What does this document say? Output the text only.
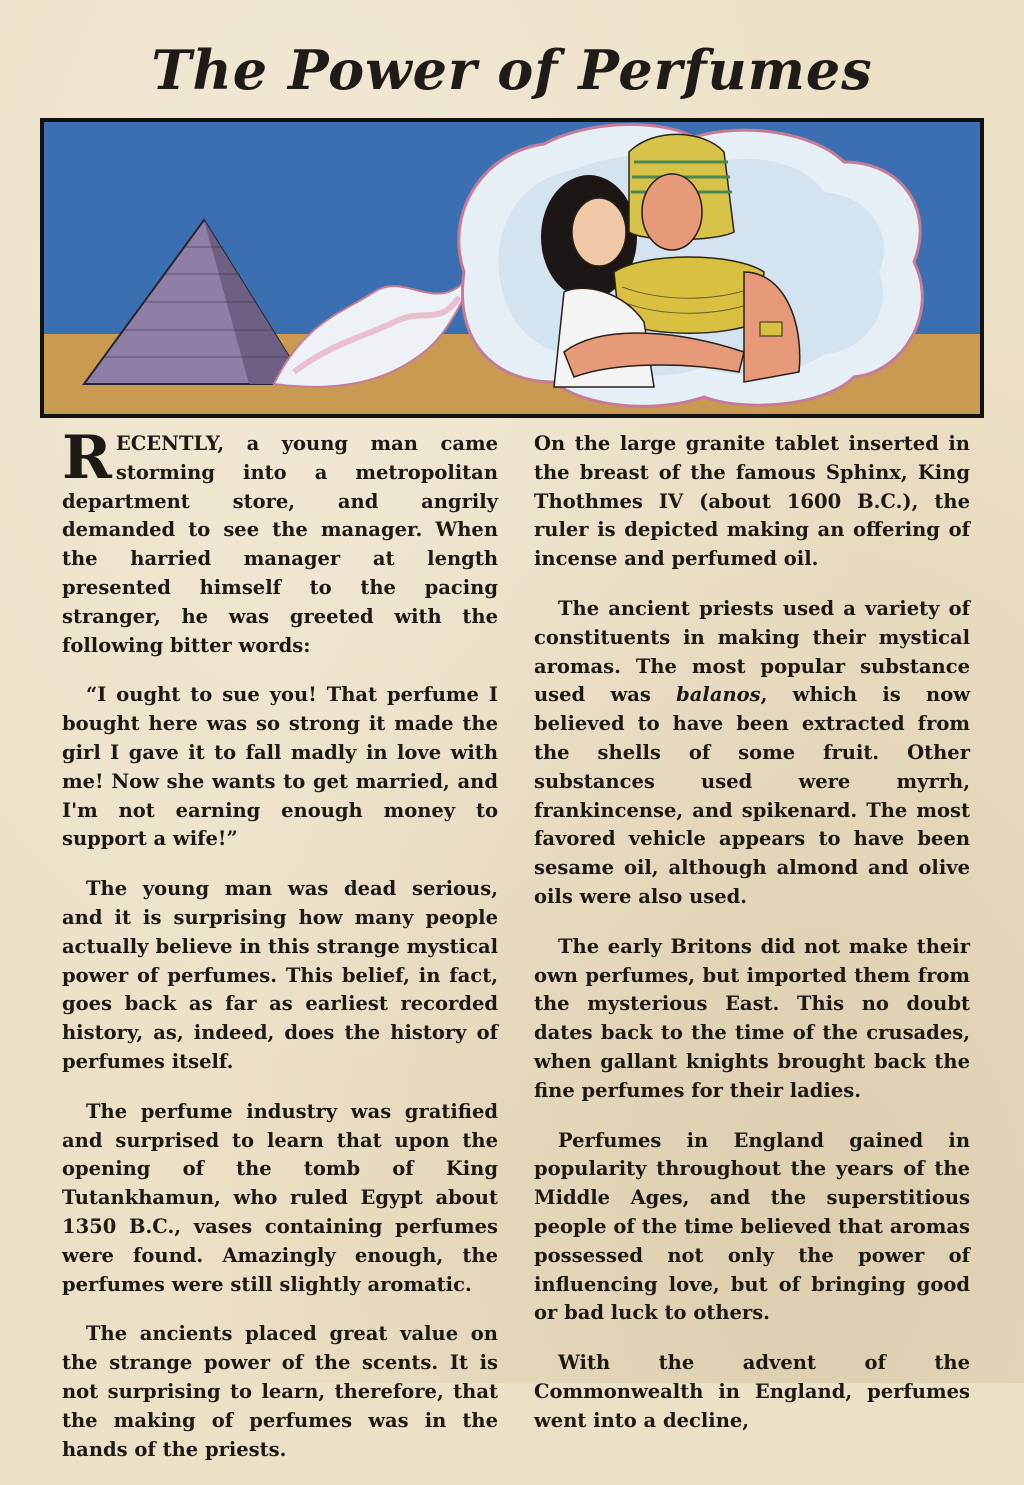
The Power of Perfumes

RECENTLY, a young man came storming into a metropolitan department store, and angrily demanded to see the manager. When the harried manager at length presented himself to the pacing stranger, he was greeted with the following bitter words:

“I ought to sue you! That perfume I bought here was so strong it made the girl I gave it to fall madly in love with me! Now she wants to get married, and I'm not earning enough money to support a wife!”

The young man was dead serious, and it is surprising how many people actually believe in this strange mystical power of perfumes. This belief, in fact, goes back as far as earliest recorded history, as, indeed, does the history of perfumes itself.

The perfume industry was gratified and surprised to learn that upon the opening of the tomb of King Tutankhamun, who ruled Egypt about 1350 B.C., vases containing perfumes were found. Amazingly enough, the perfumes were still slightly aromatic.

The ancients placed great value on the strange power of the scents. It is not surprising to learn, therefore, that the making of perfumes was in the hands of the priests.

On the large granite tablet inserted in the breast of the famous Sphinx, King Thothmes IV (about 1600 B.C.), the ruler is depicted making an offering of incense and perfumed oil.

The ancient priests used a variety of constituents in making their mystical aromas. The most popular substance used was balanos, which is now believed to have been extracted from the shells of some fruit. Other substances used were myrrh, frankincense, and spikenard. The most favored vehicle appears to have been sesame oil, although almond and olive oils were also used.

The early Britons did not make their own perfumes, but imported them from the mysterious East. This no doubt dates back to the time of the crusades, when gallant knights brought back the fine perfumes for their ladies.

Perfumes in England gained in popularity throughout the years of the Middle Ages, and the superstitious people of the time believed that aromas possessed not only the power of influencing love, but of bringing good or bad luck to others.

With the advent of the Commonwealth in England, perfumes went into a decline,
